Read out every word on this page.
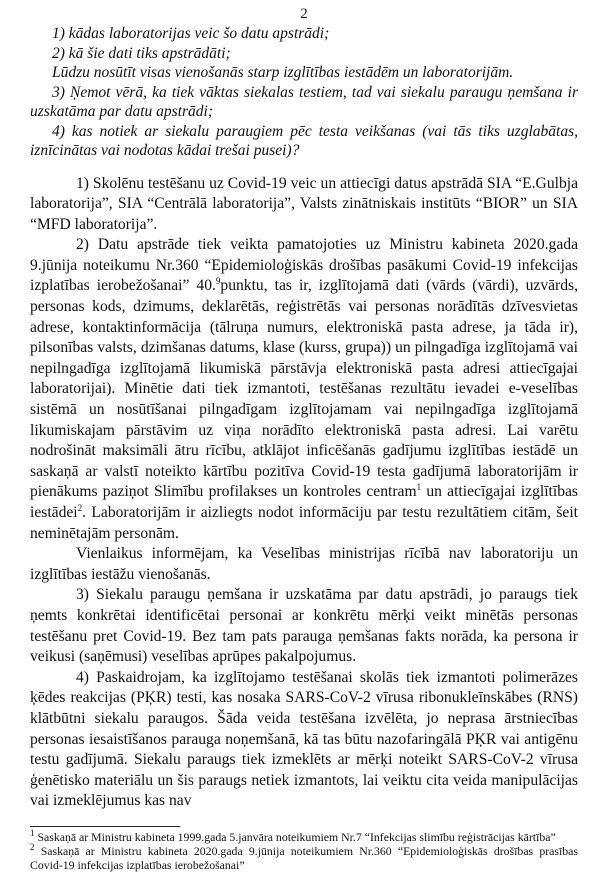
2

1) kādas laboratorijas veic šo datu apstrādi;

2) kā šie dati tiks apstrādāti;

Lūdzu nosūtīt visas vienošanās starp izglītības iestādēm un laboratorijām.

3) Ņemot vērā, ka tiek vāktas siekalas testiem, tad vai siekalu paraugu ņemšana ir uzskatāma par datu apstrādi;

4) kas notiek ar siekalu paraugiem pēc testa veikšanas (vai tās tiks uzglabātas, iznīcinātas vai nodotas kādai trešai pusei)?

1) Skolēnu testēšanu uz Covid-19 veic un attiecīgi datus apstrādā SIA “E.Gulbja laboratorija”, SIA “Centrālā laboratorija”, Valsts zinātniskais institūts “BIOR” un SIA “MFD laboratorija”.

2) Datu apstrāde tiek veikta pamatojoties uz Ministru kabineta 2020.gada 9.jūnija noteikumu Nr.360 “Epidemioloģiskās drošības pasākumi Covid-19 infekcijas izplatības ierobežošanai” 40.$^9$punktu, tas ir, izglītojamā dati (vārds (vārdi), uzvārds, personas kods, dzimums, deklarētās, reģistrētās vai personas norādītās dzīvesvietas adrese, kontaktinformācija (tālruņa numurs, elektroniskā pasta adrese, ja tāda ir), pilsonības valsts, dzimšanas datums, klase (kurss, grupa)) un pilngadīga izglītojamā vai nepilngadīga izglītojamā likumiskā pārstāvja elektroniskā pasta adresi attiecīgajai laboratorijai). Minētie dati tiek izmantoti, testēšanas rezultātu ievadei e-veselības sistēmā un nosūtīšanai pilngadīgam izglītojamam vai nepilngadīga izglītojamā likumiskajam pārstāvim uz viņa norādīto elektroniskā pasta adresi. Lai varētu nodrošināt maksimāli ātru rīcību, atklājot inficēšanās gadījumu izglītības iestādē un saskaņā ar valstī noteikto kārtību pozitīva Covid-19 testa gadījumā laboratorijām ir pienākums paziņot Slimību profilakses un kontroles centram$^1$ un attiecīgajai izglītības iestādei$^2$. Laboratorijām ir aizliegts nodot informāciju par testu rezultātiem citām, šeit neminētajām personām.

Vienlaikus informējam, ka Veselības ministrijas rīcībā nav laboratoriju un izglītības iestāžu vienošanās.

3) Siekalu paraugu ņemšana ir uzskatāma par datu apstrādi, jo paraugs tiek ņemts konkrētai identificētai personai ar konkrētu mērķi veikt minētās personas testēšanu pret Covid-19. Bez tam pats parauga ņemšanas fakts norāda, ka persona ir veikusi (saņēmusi) veselības aprūpes pakalpojumus.

4) Paskaidrojam, ka izglītojamo testēšanai skolās tiek izmantoti polimerāzes ķēdes reakcijas (PĶR) testi, kas nosaka SARS-CoV-2 vīrusa ribonukleīnskābes (RNS) klātbūtni siekalu paraugos. Šāda veida testēšana izvēlēta, jo neprasa ārstniecības personas iesaistīšanos parauga noņemšanā, kā tas būtu nazofaringālā PĶR vai antigēnu testu gadījumā. Siekalu paraugs tiek izmeklēts ar mērķi noteikt SARS-CoV-2 vīrusa ģenētisko materiālu un šis paraugs netiek izmantots, lai veiktu cita veida manipulācijas vai izmeklējumus kas nav

$^1$ Saskaņā ar Ministru kabineta 1999.gada 5.janvāra noteikumiem Nr.7 “Infekcijas slimību reģistrācijas kārtība”

$^2$ Saskaņā ar Ministru kabineta 2020.gada 9.jūnija noteikumiem Nr.360 “Epidemioloģiskās drošības prasības Covid-19 infekcijas izplatības ierobežošanai”
